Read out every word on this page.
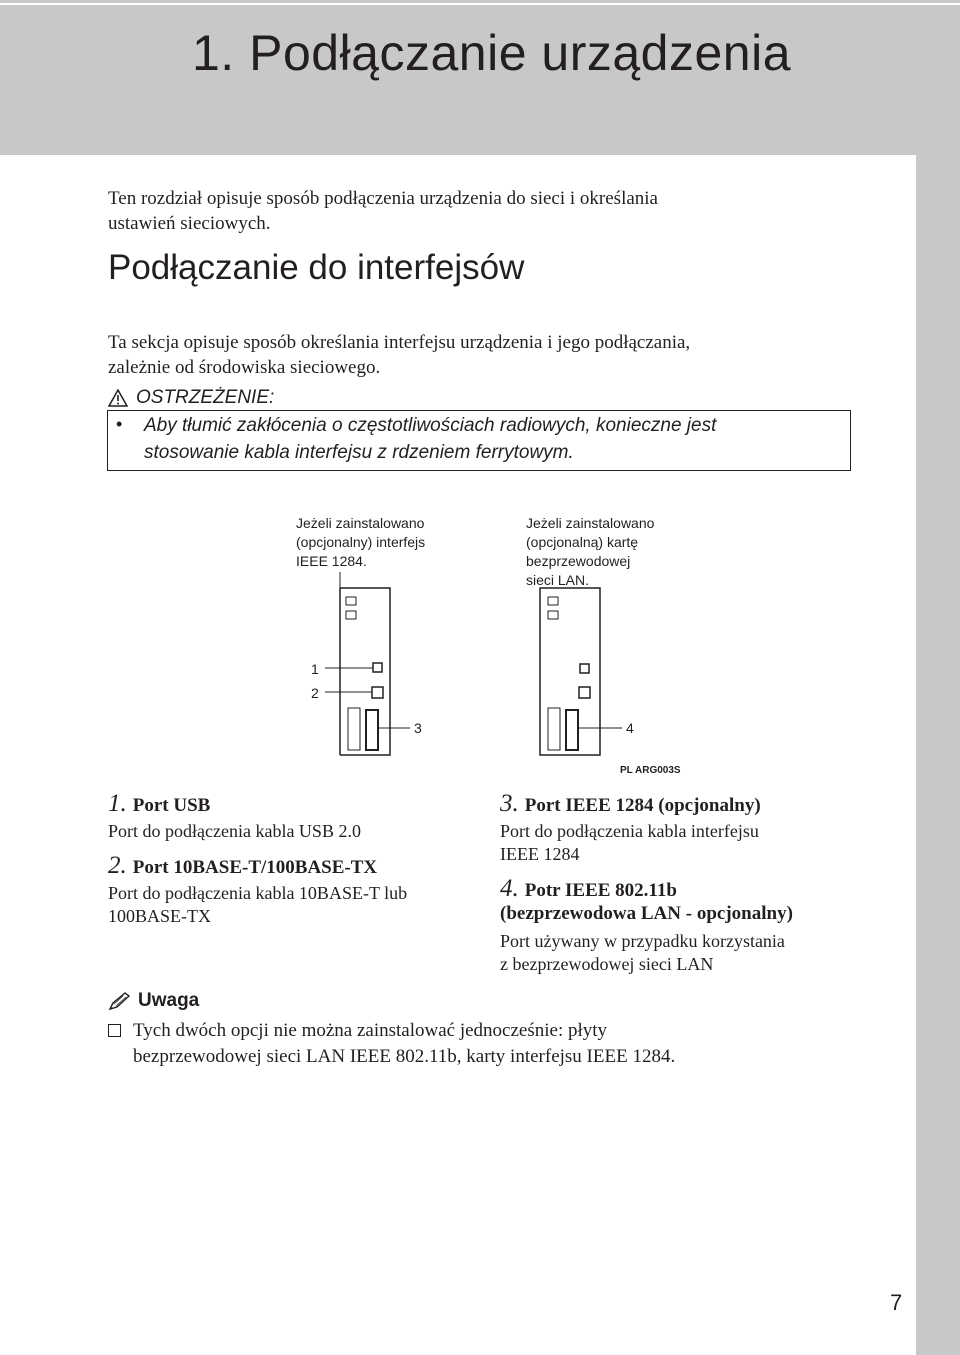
1. Podłączanie urządzenia
Ten rozdział opisuje sposób podłączenia urządzenia do sieci i określania
ustawień sieciowych.
Podłączanie do interfejsów
Ta sekcja opisuje sposób określania interfejsu urządzenia i jego podłączania,
zależnie od środowiska sieciowego.
OSTRZEŻENIE:
• Aby tłumić zakłócenia o częstotliwościach radiowych, konieczne jest
stosowanie kabla interfejsu z rdzeniem ferrytowym.
Jeżeli zainstalowano
(opcjonalny) interfejs
IEEE 1284.
Jeżeli zainstalowano
(opcjonalną) kartę
bezprzewodowej
sieci LAN.
1
2
3	4
PL ARG003S
1. Port USB
Port do podłączenia kabla USB 2.0
2. Port 10BASE-T/100BASE-TX
Port do podłączenia kabla 10BASE-T lub
100BASE-TX
3. Port IEEE 1284 (opcjonalny)
Port do podłączenia kabla interfejsu
IEEE 1284
4. Potr IEEE 802.11b
(bezprzewodowa LAN - opcjonalny)
Port używany w przypadku korzystania
z bezprzewodowej sieci LAN
Uwaga
Tych dwóch opcji nie można zainstalować jednocześnie: płyty
bezprzewodowej sieci LAN IEEE 802.11b, karty interfejsu IEEE 1284.
7
